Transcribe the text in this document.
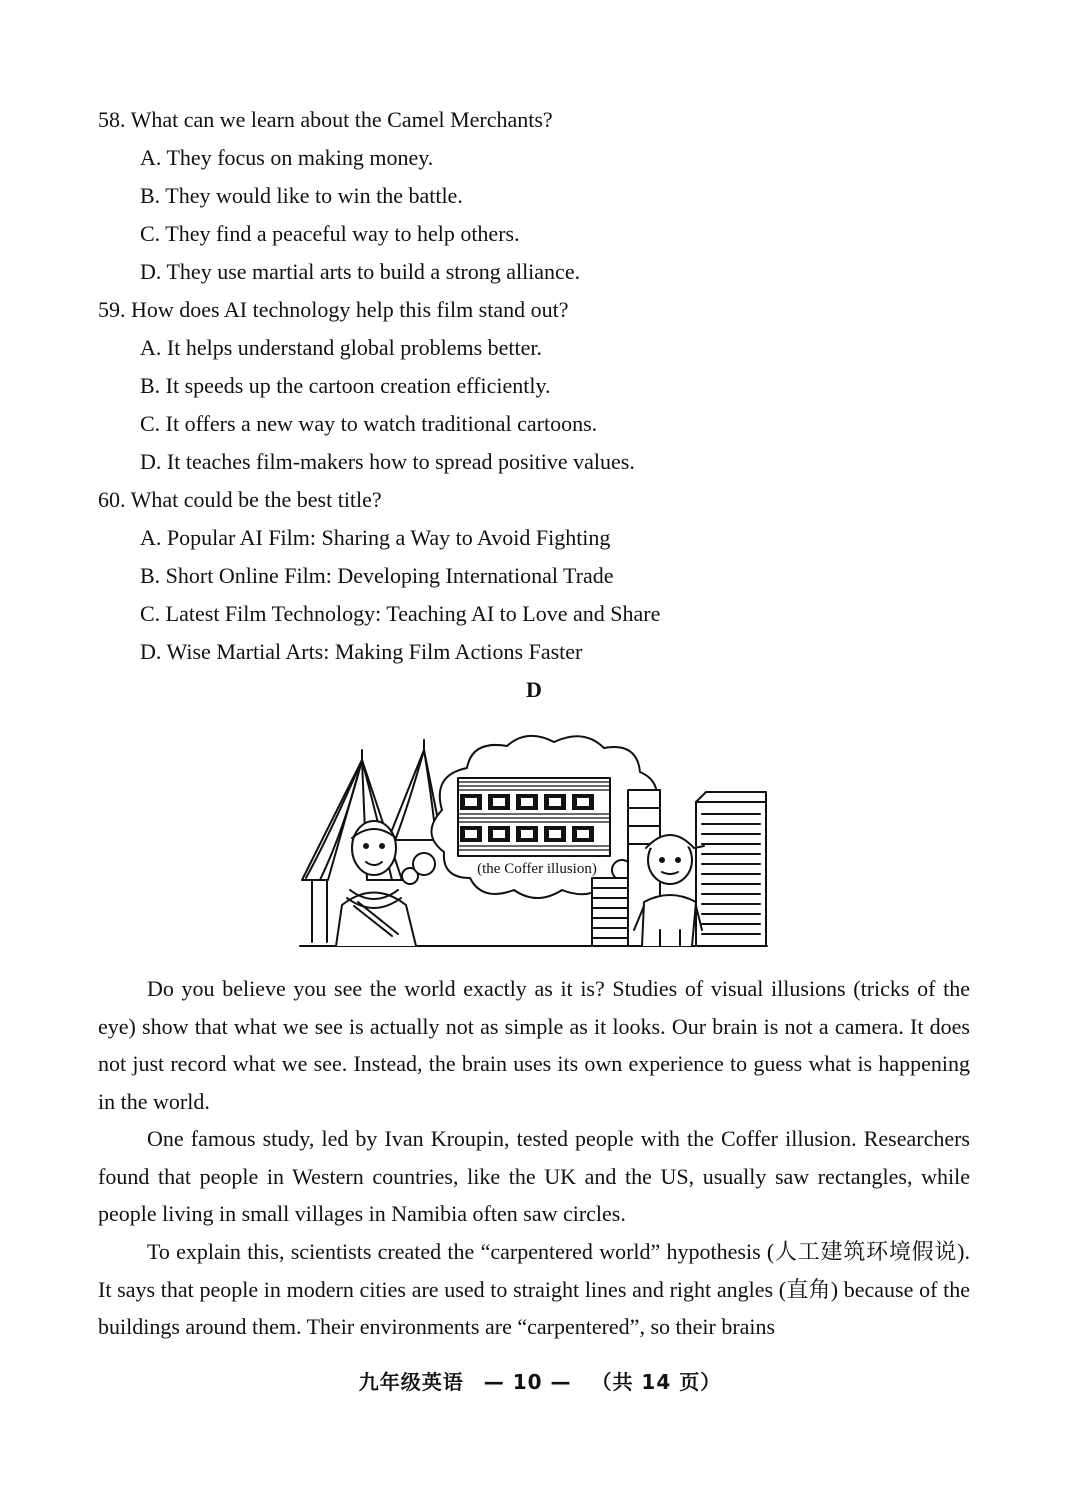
58. What can we learn about the Camel Merchants?
A. They focus on making money.
B. They would like to win the battle.
C. They find a peaceful way to help others.
D. They use martial arts to build a strong alliance.
59. How does AI technology help this film stand out?
A. It helps understand global problems better.
B. It speeds up the cartoon creation efficiently.
C. It offers a new way to watch traditional cartoons.
D. It teaches film-makers how to spread positive values.
60. What could be the best title?
A. Popular AI Film: Sharing a Way to Avoid Fighting
B. Short Online Film: Developing International Trade
C. Latest Film Technology: Teaching AI to Love and Share
D. Wise Martial Arts: Making Film Actions Faster
D
(the Coffer illusion)

Do you believe you see the world exactly as it is? Studies of visual illusions (tricks of the eye) show that what we see is actually not as simple as it looks. Our brain is not a camera. It does not just record what we see. Instead, the brain uses its own experience to guess what is happening in the world.

One famous study, led by Ivan Kroupin, tested people with the Coffer illusion. Researchers found that people in Western countries, like the UK and the US, usually saw rectangles, while people living in small villages in Namibia often saw circles.

To explain this, scientists created the “carpentered world” hypothesis (人工建筑环境假说). It says that people in modern cities are used to straight lines and right angles (直角) because of the buildings around them. Their environments are “carpentered”, so their brains

九年级英语 — 10 — （共 14 页）
